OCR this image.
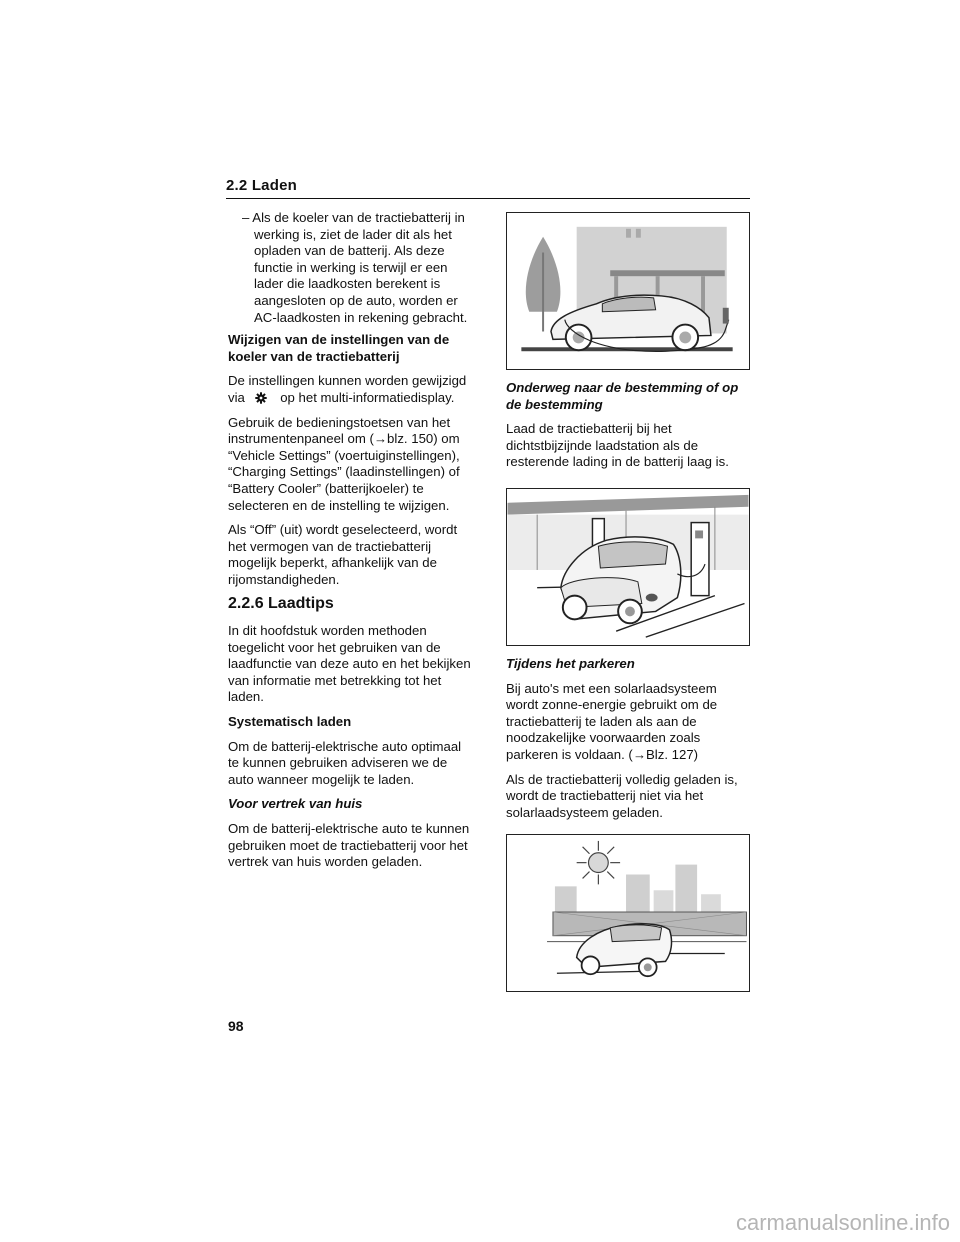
2.2 Laden

– Als de koeler van de tractiebatterij in werking is, ziet de lader dit als het opladen van de batterij. Als deze functie in werking is terwijl er een lader die laadkosten berekent is aangesloten op de auto, worden er AC-laadkosten in rekening gebracht.

Wijzigen van de instellingen van de koeler van de tractiebatterij

De instellingen kunnen worden gewijzigd via	op het multi-informatiedisplay.

Gebruik de bedieningstoetsen van het instrumentenpaneel om (→blz. 150) om “Vehicle Settings” (voertuiginstellingen), “Charging Settings” (laadinstellingen) of “Battery Cooler” (batterijkoeler) te selecteren en de instelling te wijzigen.

Als “Off” (uit) wordt geselecteerd, wordt het vermogen van de tractiebatterij mogelijk beperkt, afhankelijk van de rijomstandigheden.

2.2.6 Laadtips

In dit hoofdstuk worden methoden toegelicht voor het gebruiken van de laadfunctie van deze auto en het bekijken van informatie met betrekking tot het laden.

Systematisch laden

Om de batterij-elektrische auto optimaal te kunnen gebruiken adviseren we de auto wanneer mogelijk te laden.

Voor vertrek van huis

Om de batterij-elektrische auto te kunnen gebruiken moet de tractiebatterij voor het vertrek van huis worden geladen.

Onderweg naar de bestemming of op de bestemming

Laad de tractiebatterij bij het dichtstbijzijnde laadstation als de resterende lading in de batterij laag is.

Tijdens het parkeren

Bij auto's met een solarlaadsysteem wordt zonne-energie gebruikt om de tractiebatterij te laden als aan de noodzakelijke voorwaarden zoals parkeren is voldaan. (→Blz. 127)

Als de tractiebatterij volledig geladen is, wordt de tractiebatterij niet via het solarlaadsysteem geladen.

98
carmanualsonline.info
